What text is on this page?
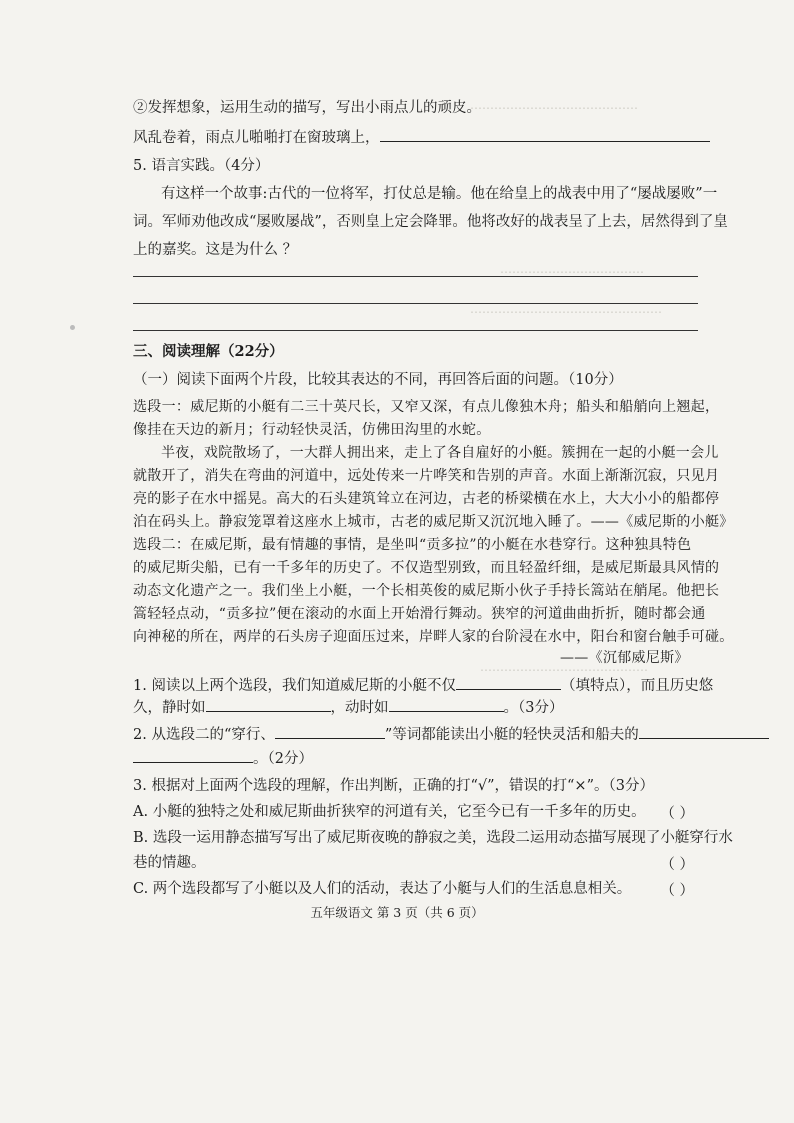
……………………………………
………………………………
…………………………………………
……………………………………
②发挥想象，运用生动的描写，写出小雨点儿的顽皮。
风乱卷着，雨点儿啪啪打在窗玻璃上，
5. 语言实践。（4分）
有这样一个故事:古代的一位将军，打仗总是输。他在给皇上的战表中用了“屡战屡败”一
词。军师劝他改成“屡败屡战”，否则皇上定会降罪。他将改好的战表呈了上去，居然得到了皇
上的嘉奖。这是为什么 ？
三、阅读理解（22分）
（一）阅读下面两个片段，比较其表达的不同，再回答后面的问题。（10分）
选段一：威尼斯的小艇有二三十英尺长，又窄又深，有点儿像独木舟；船头和船艄向上翘起，
像挂在天边的新月；行动轻快灵活，仿佛田沟里的水蛇。
半夜，戏院散场了，一大群人拥出来，走上了各自雇好的小艇。簇拥在一起的小艇一会儿
就散开了，消失在弯曲的河道中，远处传来一片哗笑和告别的声音。水面上渐渐沉寂，只见月
亮的影子在水中摇晃。高大的石头建筑耸立在河边，古老的桥梁横在水上，大大小小的船都停
泊在码头上。静寂笼罩着这座水上城市，古老的威尼斯又沉沉地入睡了。——《威尼斯的小艇》
选段二：在威尼斯，最有情趣的事情，是坐叫“贡多拉”的小艇在水巷穿行。这种独具特色
的威尼斯尖船，已有一千多年的历史了。不仅造型别致，而且轻盈纤细，是威尼斯最具风情的
动态文化遗产之一。我们坐上小艇，一个长相英俊的威尼斯小伙子手持长篙站在艄尾。他把长
篙轻轻点动，“贡多拉”便在滚动的水面上开始滑行舞动。狭窄的河道曲曲折折，随时都会通
向神秘的所在，两岸的石头房子迎面压过来，岸畔人家的台阶浸在水中，阳台和窗台触手可碰。
——《沉郁威尼斯》
1. 阅读以上两个选段，我们知道威尼斯的小艇不仅	（填特点），而且历史悠
久，静时如	，动时如	。（3分）
2. 从选段二的“穿行、	”等词都能读出小艇的轻快灵活和船夫的
。（2分）
3. 根据对上面两个选段的理解，作出判断，正确的打“√”，错误的打“×”。（3分）
A. 小艇的独特之处和威尼斯曲折狭窄的河道有关，它至今已有一千多年的历史。	（ ）
B. 选段一运用静态描写写出了威尼斯夜晚的静寂之美，选段二运用动态描写展现了小艇穿行水
巷的情趣。	（ ）
C. 两个选段都写了小艇以及人们的活动，表达了小艇与人们的生活息息相关。	（ ）
五年级语文 第 3 页（共 6 页）
